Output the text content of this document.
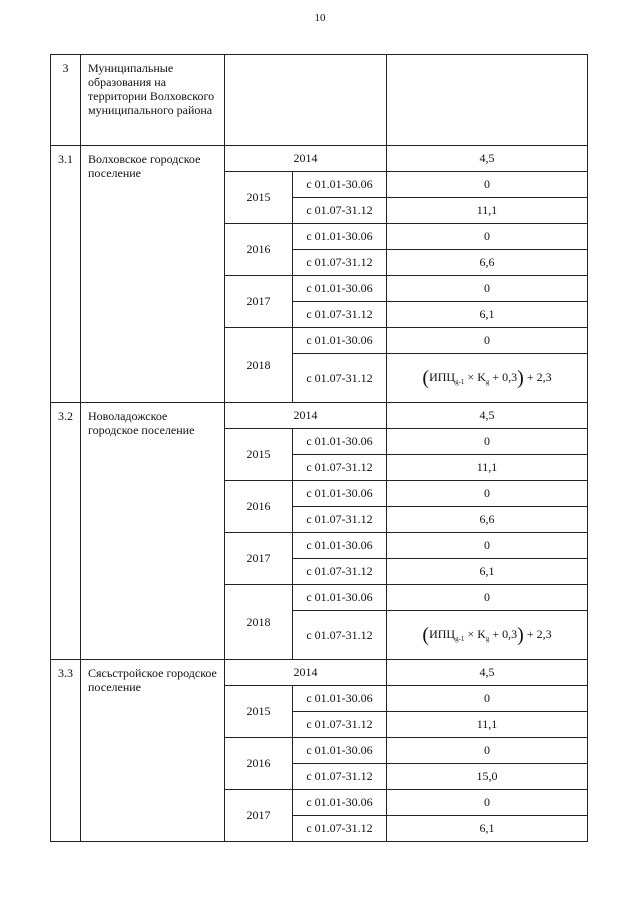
10
3	Муниципальные образования на территории Волховского муниципального района			
3.1	Волховское городское поселение	2014		4,5
		2015	с 01.01-30.06	0
			с 01.07-31.12	11,1
		2016	с 01.01-30.06	0
			с 01.07-31.12	6,6
		2017	с 01.01-30.06	0
			с 01.07-31.12	6,1
		2018	с 01.01-30.06	0
			с 01.07-31.12	$(ИПЦ_{g-1} \times K_g + 0,3) + 2,3$
3.2	Новоладожское городское поселение	2014		4,5
		2015	с 01.01-30.06	0
			с 01.07-31.12	11,1
		2016	с 01.01-30.06	0
			с 01.07-31.12	6,6
		2017	с 01.01-30.06	0
			с 01.07-31.12	6,1
		2018	с 01.01-30.06	0
			с 01.07-31.12	$(ИПЦ_{g-1} \times K_g + 0,3) + 2,3$
3.3	Сясьстройское городское поселение	2014		4,5
		2015	с 01.01-30.06	0
			с 01.07-31.12	11,1
		2016	с 01.01-30.06	0
			с 01.07-31.12	15,0
		2017	с 01.01-30.06	0
			с 01.07-31.12	6,1
